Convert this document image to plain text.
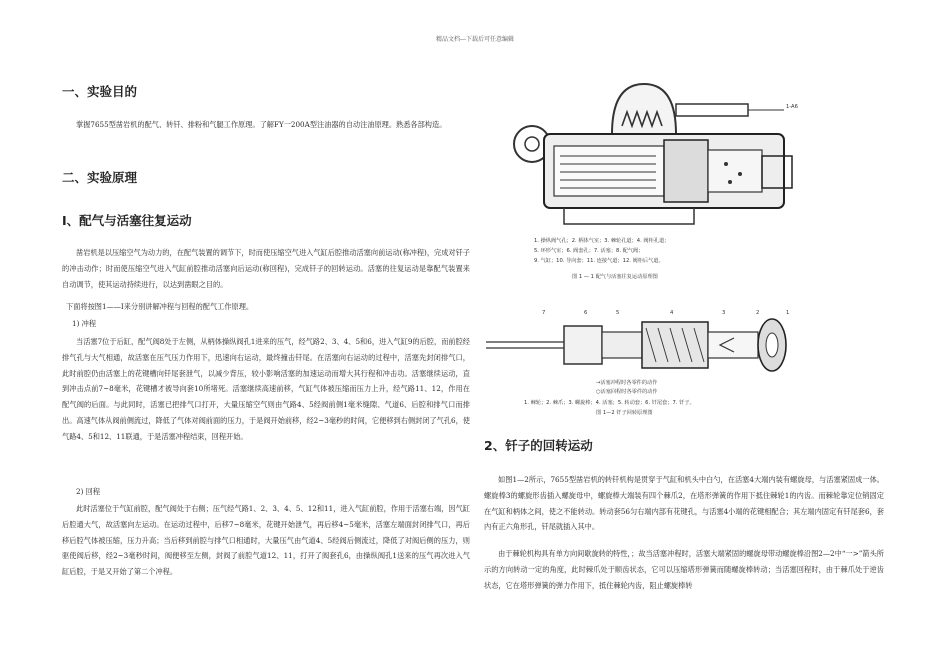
精品文档---下载后可任意编辑
一、实验目的

掌握7655型凿岩机的配气、转钎、排粉和气腿工作原理。了解FY一200A型注油器的自动注油原理。熟悉各部构造。

二、实验原理
I、配气与活塞往复运动

凿岩机是以压缩空气为动力的，在配气装置的调节下，时而使压缩空气进入气缸后腔推动活塞向前运动(称冲程)，完成对钎子的冲击动作；时而使压缩空气进入气缸前腔推动活塞向后运动(称回程)，完成钎子的回转运动。活塞的往复运动是靠配气装置来自动调节，使其运动持续进行，以达到凿眼之目的。

下面将按图1——I来分别讲解冲程与回程的配气工作原理。

1) 冲程

当活塞7位于后缸，配气阀8处于左侧，从柄体操纵阀孔1进来的压气，经气路2、3、4、5和6，进入气缸9的后腔，而前腔经排气孔与大气相通，故活塞在压气压力作用下，迅速向右运动，最终撞击钎尾。在活塞向右运动的过程中，活塞先封闭排气口，此时前腔仍由活塞上的花键槽向钎尾套泄气，以减少背压，较小影响活塞的加速运动而增大其行程和冲击功。活塞继续运动，直到冲击点前7~8毫米，花键槽才被导向套10所堵死。活塞继续高速前移，气缸气体被压缩而压力上升，经气路11、12，作用在配气阀的后面。与此同时，活塞已把排气口打开，大量压缩空气则由气路4、5经阀前侧1毫米缝隙、气道6、后腔和排气口而排出。高速气体从阀前侧流过，降低了气体对阀前面的压力，于是阀开始前移，经2~3毫秒的时间，它便移到右侧封闭了气孔6，使气路4、5和12、11联通，于是活塞冲程结束，回程开始。

2) 回程

此时活塞位于气缸前腔，配气阀处于右侧；压气经气路1、2、3、4、5、12和11，进入气缸前腔，作用于活塞右端，因气缸后腔通大气，故活塞向左运动。在运动过程中，后移7~8毫米，花键开始泄气，再后移4~5毫米，活塞左端面封闭排气口，再后移后腔气体被压缩，压力升高；当后移到前腔与排气口相通时，大量压气由气道4、5经阀后侧流过，降低了对阀后侧的压力，则驱使阀后移，经2~3毫秒时间，阀便移至左侧，封阀了前腔气道12、11，打开了阀套孔6，由操纵阀孔1送来的压气再次进入气缸后腔，于是又开始了第二个冲程。

1-A6
1. 操纵阀气孔；2. 柄体气室；3. 棘轮孔道；4. 阀柜孔道；
5. 环形气室；6. 阀套孔；7. 活塞；8. 配气阀；
9. 气缸；10. 导向套；11. 连接气道；12. 阀柜后气道。
图 1 — 1 配气与活塞往复运动原理图
7	6	5	4	3	2	1
→活塞冲程时各零件的动作
○活塞回程时各零件的动作
1. 棘轮；2. 棘爪；3. 螺旋棒；4. 活塞；5. 转动套；6. 钎尾套；7. 钎子。
图 1—2 钎子回转原理图
2、钎子的回转运动

如图1—2所示，7655型凿岩机的转钎机构是贯穿于气缸和机头中白勺，在活塞4大端内装有螺旋母，与活塞紧固成一体。螺旋棒3的螺旋形齿插入螺旋母中，螺旋棒大端装有四个棘爪2，在塔形弹簧的作用下抵住棘轮1的内齿。而棘轮靠定位销固定在气缸和柄体之间，使之不能转动。转动套56匀右端内部有花键孔，与活塞4小端的花键相配合；其左端内固定有钎尾套6，套内有正六角形孔，钎尾就插入其中。

由于棘轮机构具有单方向间歇旋转的特性，；故当活塞冲程时，活塞大端紧固的螺旋母带动螺旋棒沿图2—2中“一>”箭头所示的方向转动一定的角度，此时棘爪处于顺齿状态，它可以压缩塔形弹簧而随螺旋棒转动；当活塞回程时，由于棘爪处于逆齿状态，它在塔形弹簧的弹力作用下，抵住棘轮内齿，阻止螺旋棒转
